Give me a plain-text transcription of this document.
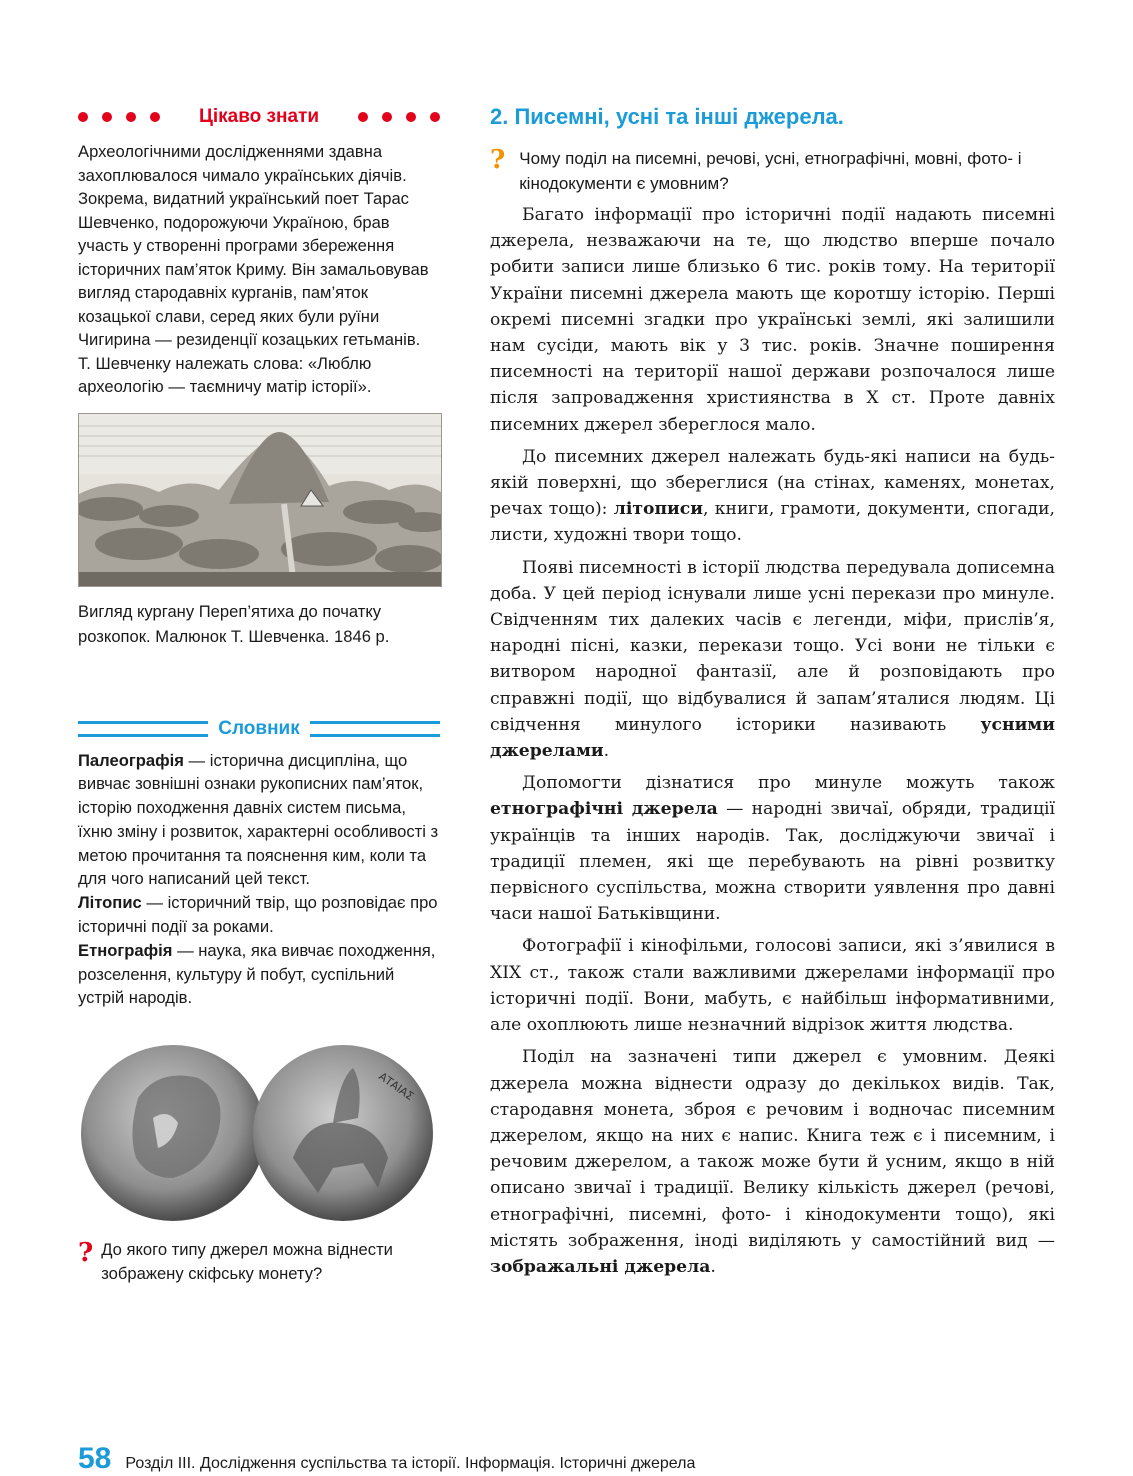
Цікаво знати
Археологічними дослідженнями здавна захоплювалося чимало українських діячів. Зокрема, видатний український поет Тарас Шевченко, подорожуючи Україною, брав участь у створенні програми збереження історичних пам’яток Криму. Він замальовував вигляд стародавніх курганів, пам’яток козацької слави, серед яких були руїни Чигирина — резиденції козацьких гетьманів.
Т. Шевченку належать слова: «Люблю археологію — таємничу матір історії».
Вигляд кургану Переп’ятиха до початку розкопок. Малюнок Т. Шевченка. 1846 р.
Словник
Палеографія — історична дисципліна, що вивчає зовнішні ознаки рукописних пам’яток, історію походження давніх систем письма, їхню зміну і розвиток, характерні особливості з метою прочитання та пояснення ким, коли та для чого написаний цей текст.
Літопис — історичний твір, що розповідає про історичні події за роками.
Етнографія — наука, яка вивчає походження, розселення, культуру й побут, суспільний устрій народів.
ΑΤΑΙΑΣ
? До якого типу джерел можна віднести зображену скіфську монету?
2. Писемні, усні та інші джерела.
? Чому поділ на писемні, речові, усні, етнографічні, мовні, фото- і кінодокументи є умовним?

Багато інформації про історичні події надають писемні джерела, незважаючи на те, що людство вперше почало робити записи лише близько 6 тис. років тому. На території України писемні джерела мають ще коротшу історію. Перші окремі писемні згадки про українські землі, які залишили нам сусіди, мають вік у 3 тис. років. Значне поширення писемності на території нашої держави розпочалося лише після запровадження християнства в Х ст. Проте давніх писемних джерел збереглося мало.

До писемних джерел належать будь-які написи на будь-якій поверхні, що збереглися (на стінах, каменях, монетах, речах тощо): літописи, книги, грамоти, документи, спогади, листи, художні твори тощо.

Появі писемності в історії людства передувала дописемна доба. У цей період існували лише усні перекази про минуле. Свідченням тих далеких часів є легенди, міфи, прислів’я, народні пісні, казки, перекази тощо. Усі вони не тільки є витвором народної фантазії, але й розповідають про справжні події, що відбувалися й запам’яталися людям. Ці свідчення минулого історики називають усними джерелами.

Допомогти дізнатися про минуле можуть також етнографічні джерела — народні звичаї, обряди, традиції українців та інших народів. Так, досліджуючи звичаї і традиції племен, які ще перебувають на рівні розвитку первісного суспільства, можна створити уявлення про давні часи нашої Батьківщини.

Фотографії і кінофільми, голосові записи, які з’явилися в ХІХ ст., також стали важливими джерелами інформації про історичні події. Вони, мабуть, є найбільш інформативними, але охоплюють лише незначний відрізок життя людства.

Поділ на зазначені типи джерел є умовним. Деякі джерела можна віднести одразу до декількох видів. Так, стародавня монета, зброя є речовим і водночас писемним джерелом, якщо на них є напис. Книга теж є і писемним, і речовим джерелом, а також може бути й усним, якщо в ній описано звичаї і традиції. Велику кількість джерел (речові, етнографічні, писемні, фото- і кінодокументи тощо), які містять зображення, іноді виділяють у самостійний вид — зображальні джерела.

58 Розділ ІІІ. Дослідження суспільства та історії. Інформація. Історичні джерела
